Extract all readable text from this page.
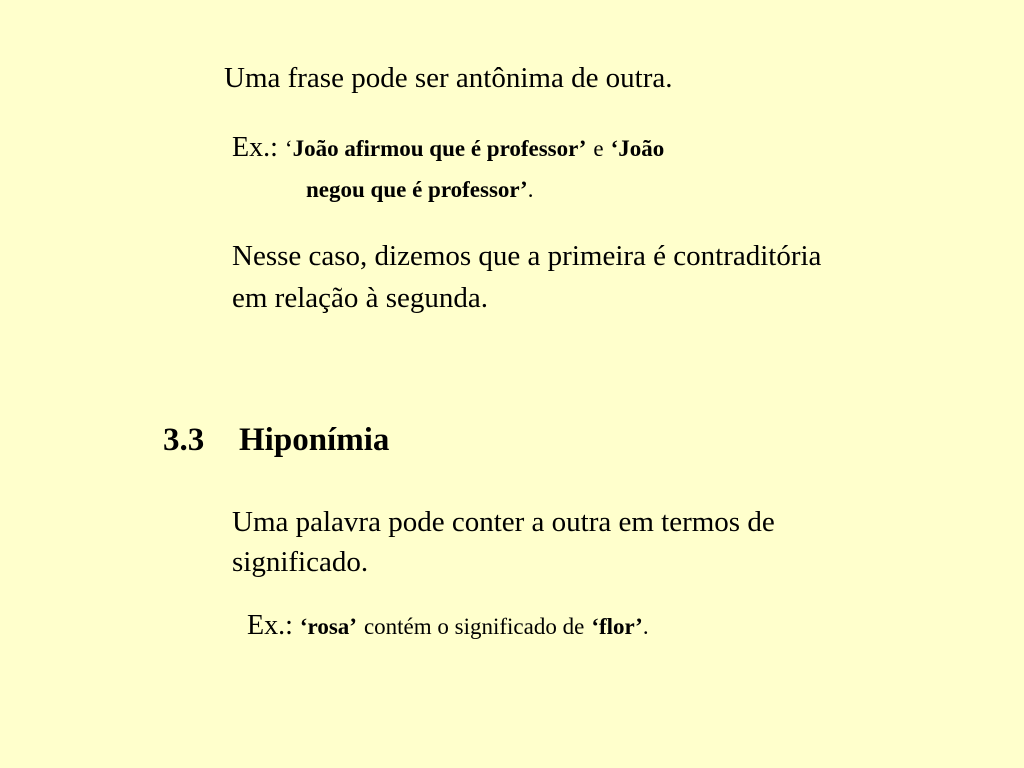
Uma frase pode ser antônima de outra.
Ex.: ‘João afirmou que é professor’ e ‘João
negou que é professor’.
Nesse caso, dizemos que a primeira é contraditória
em relação à segunda.
3.3 Hiponímia
Uma palavra pode conter a outra em termos de
significado.
Ex.: ‘rosa’ contém o significado de ‘flor’.
